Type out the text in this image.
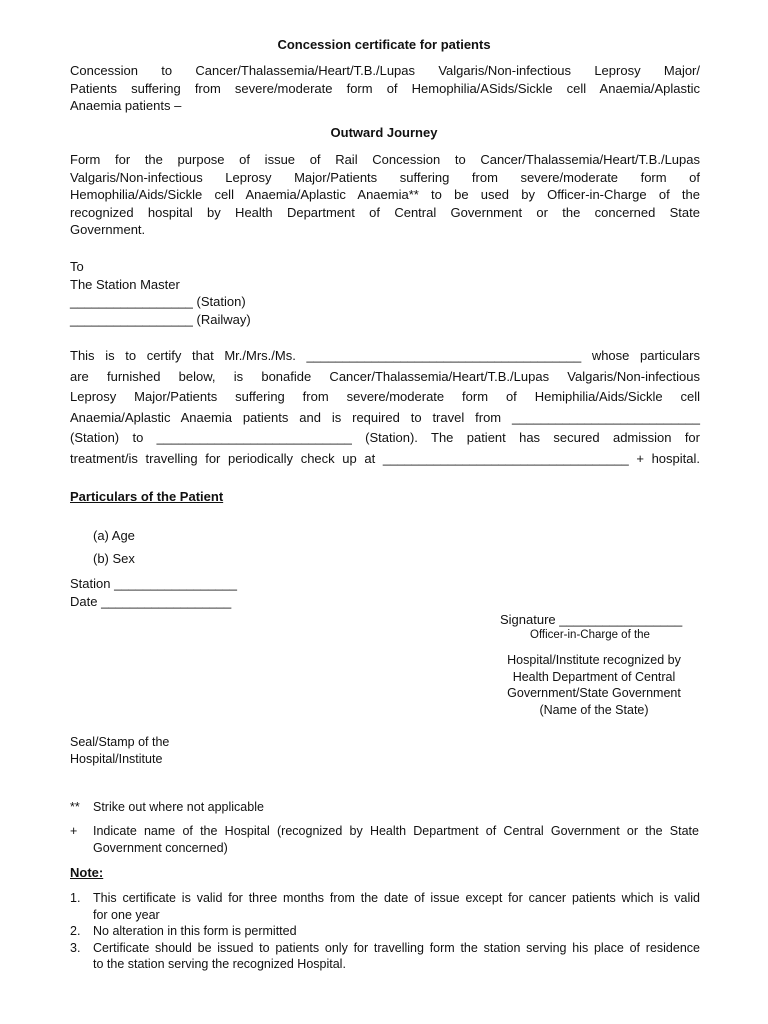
Concession certificate for patients
Concession to Cancer/Thalassemia/Heart/T.B./Lupas Valgaris/Non-infectious Leprosy Major/
Patients suffering from severe/moderate form of Hemophilia/ASids/Sickle cell Anaemia/Aplastic
Anaemia patients –
Outward Journey
Form for the purpose of issue of Rail Concession to Cancer/Thalassemia/Heart/T.B./Lupas
Valgaris/Non-infectious Leprosy Major/Patients suffering from severe/moderate form of
Hemophilia/Aids/Sickle cell Anaemia/Aplastic Anaemia** to be used by Officer-in-Charge of the
recognized hospital by Health Department of Central Government or the concerned State
Government.
To
The Station Master
_________________ (Station)
_________________ (Railway)
This is to certify that Mr./Mrs./Ms. ______________________________________ whose particulars
are furnished below, is bonafide Cancer/Thalassemia/Heart/T.B./Lupas Valgaris/Non-infectious
Leprosy Major/Patients suffering from severe/moderate form of Hemiphilia/Aids/Sickle cell
Anaemia/Aplastic Anaemia patients and is required to travel from __________________________
(Station) to ___________________________ (Station). The patient has secured admission for
treatment/is travelling for periodically check up at __________________________________ + hospital.
Particulars of the Patient
(a) Age
(b) Sex
Station _________________
Date __________________
Signature _________________
Officer-in-Charge of the
Hospital/Institute recognized by
Health Department of Central
Government/State Government
(Name of the State)
Seal/Stamp of the
Hospital/Institute
** Strike out where not applicable
+ Indicate name of the Hospital (recognized by Health Department of Central Government or the State
Government concerned)
Note:
1.	This certificate is valid for three months from the date of issue except for cancer patients which is valid
for one year
2.	No alteration in this form is permitted
3.	Certificate should be issued to patients only for travelling form the station serving his place of residence
to the station serving the recognized Hospital.
